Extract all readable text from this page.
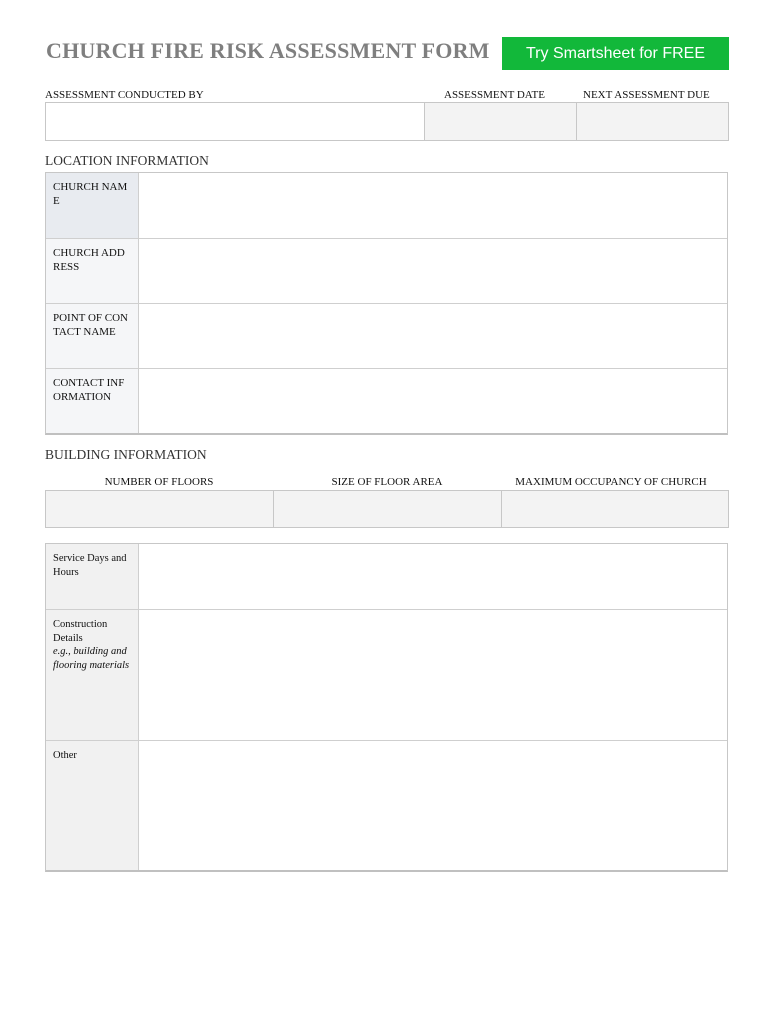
CHURCH FIRE RISK ASSESSMENT FORM	Try Smartsheet for FREE
ASSESSMENT CONDUCTED BY	ASSESSMENT DATE	NEXT ASSESSMENT DUE
LOCATION INFORMATION
CHURCH NAME
CHURCH ADDRESS
POINT OF CONTACT NAME
CONTACT INFORMATION
BUILDING INFORMATION
NUMBER OF FLOORS	SIZE OF FLOOR AREA	MAXIMUM OCCUPANCY OF CHURCH
Service Days and Hours
Construction Details
e.g., building and flooring materials
Other
